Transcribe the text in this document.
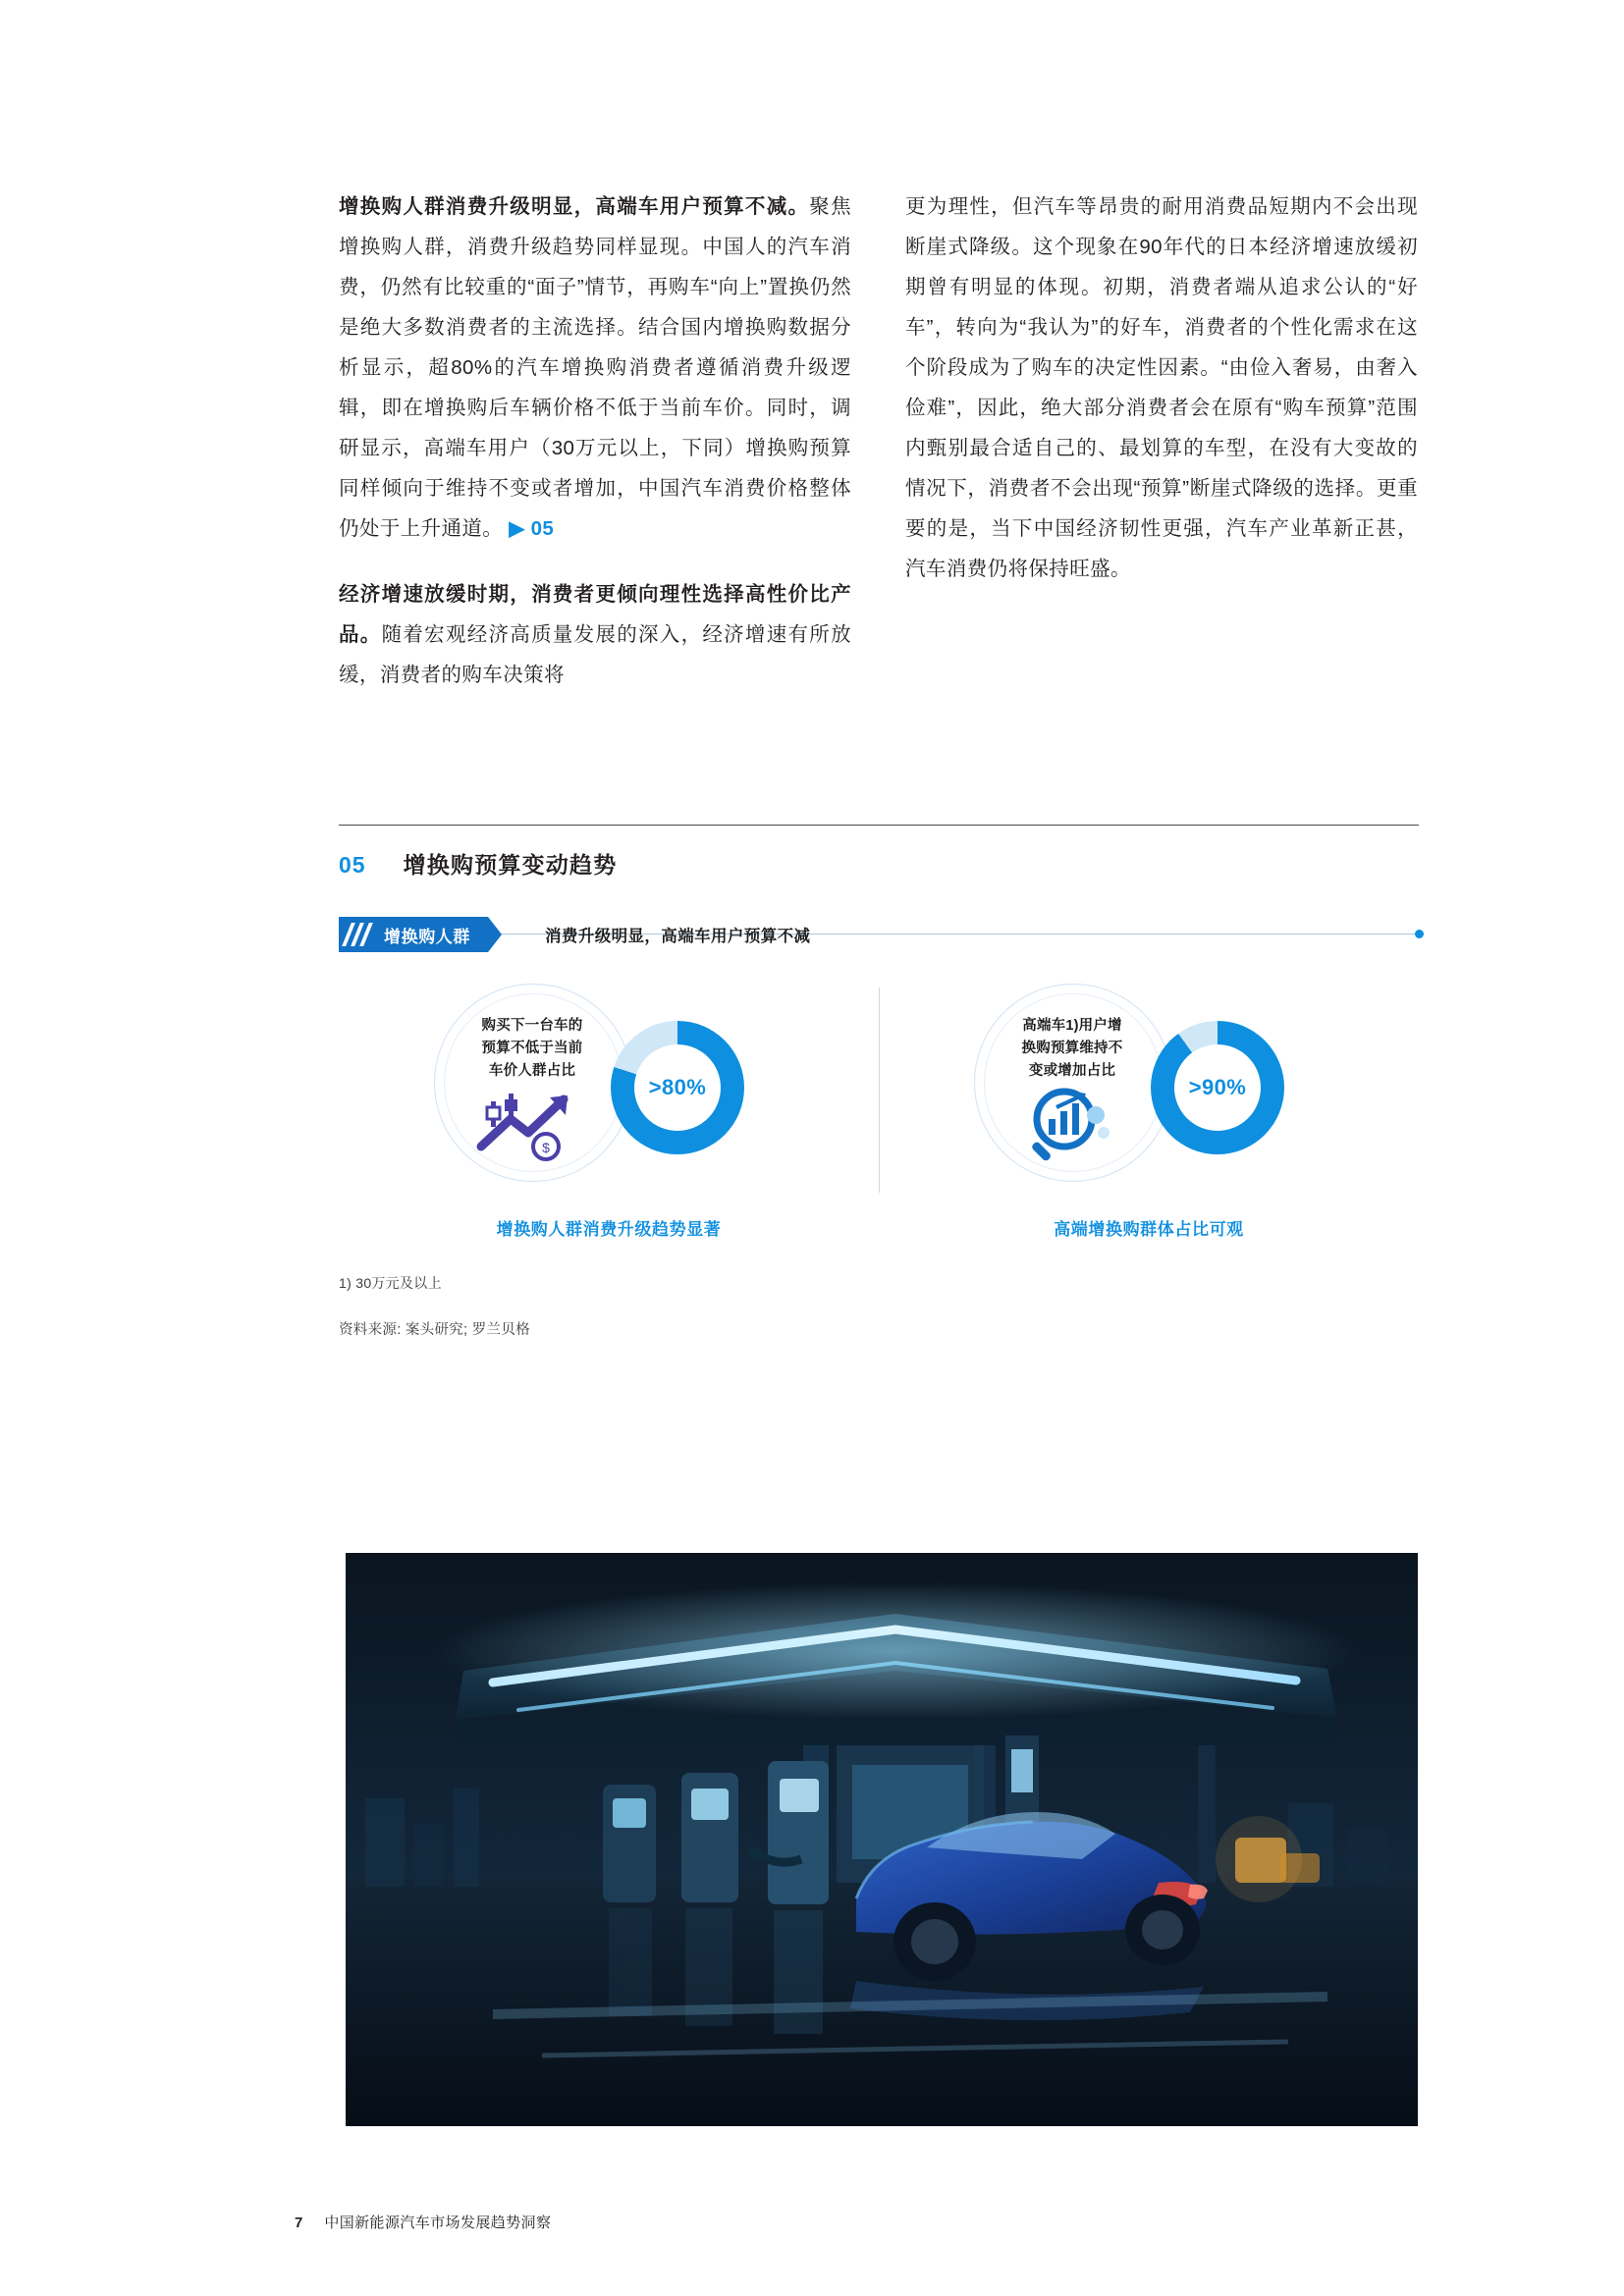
增换购人群消费升级明显，高端车用户预算不减。聚焦增换购人群，消费升级趋势同样显现。中国人的汽车消费，仍然有比较重的“面子”情节，再购车“向上”置换仍然是绝大多数消费者的主流选择。结合国内增换购数据分析显示，超80%的汽车增换购消费者遵循消费升级逻辑，即在增换购后车辆价格不低于当前车价。同时，调研显示，高端车用户（30万元以上，下同）增换购预算同样倾向于维持不变或者增加，中国汽车消费价格整体仍处于上升通道。 ▶ 05

经济增速放缓时期，消费者更倾向理性选择高性价比产品。随着宏观经济高质量发展的深入，经济增速有所放缓，消费者的购车决策将

更为理性，但汽车等昂贵的耐用消费品短期内不会出现断崖式降级。这个现象在90年代的日本经济增速放缓初期曾有明显的体现。初期，消费者端从追求公认的“好车”，转向为“我认为”的好车，消费者的个性化需求在这个阶段成为了购车的决定性因素。“由俭入奢易，由奢入俭难”，因此，绝大部分消费者会在原有“购车预算”范围内甄别最合适自己的、最划算的车型，在没有大变故的情况下，消费者不会出现“预算”断崖式降级的选择。更重要的是，当下中国经济韧性更强，汽车产业革新正甚，汽车消费仍将保持旺盛。

05 增换购预算变动趋势
增换购人群	消费升级明显，高端车用户预算不减
购买下一台车的
预算不低于当前
车价人群占比
$
>80%
增换购人群消费升级趋势显著
高端车1)用户增
换购预算维持不
变或增加占比
>90%
高端增换购群体占比可观
1) 30万元及以上
资料来源: 案头研究; 罗兰贝格
7 中国新能源汽车市场发展趋势洞察
